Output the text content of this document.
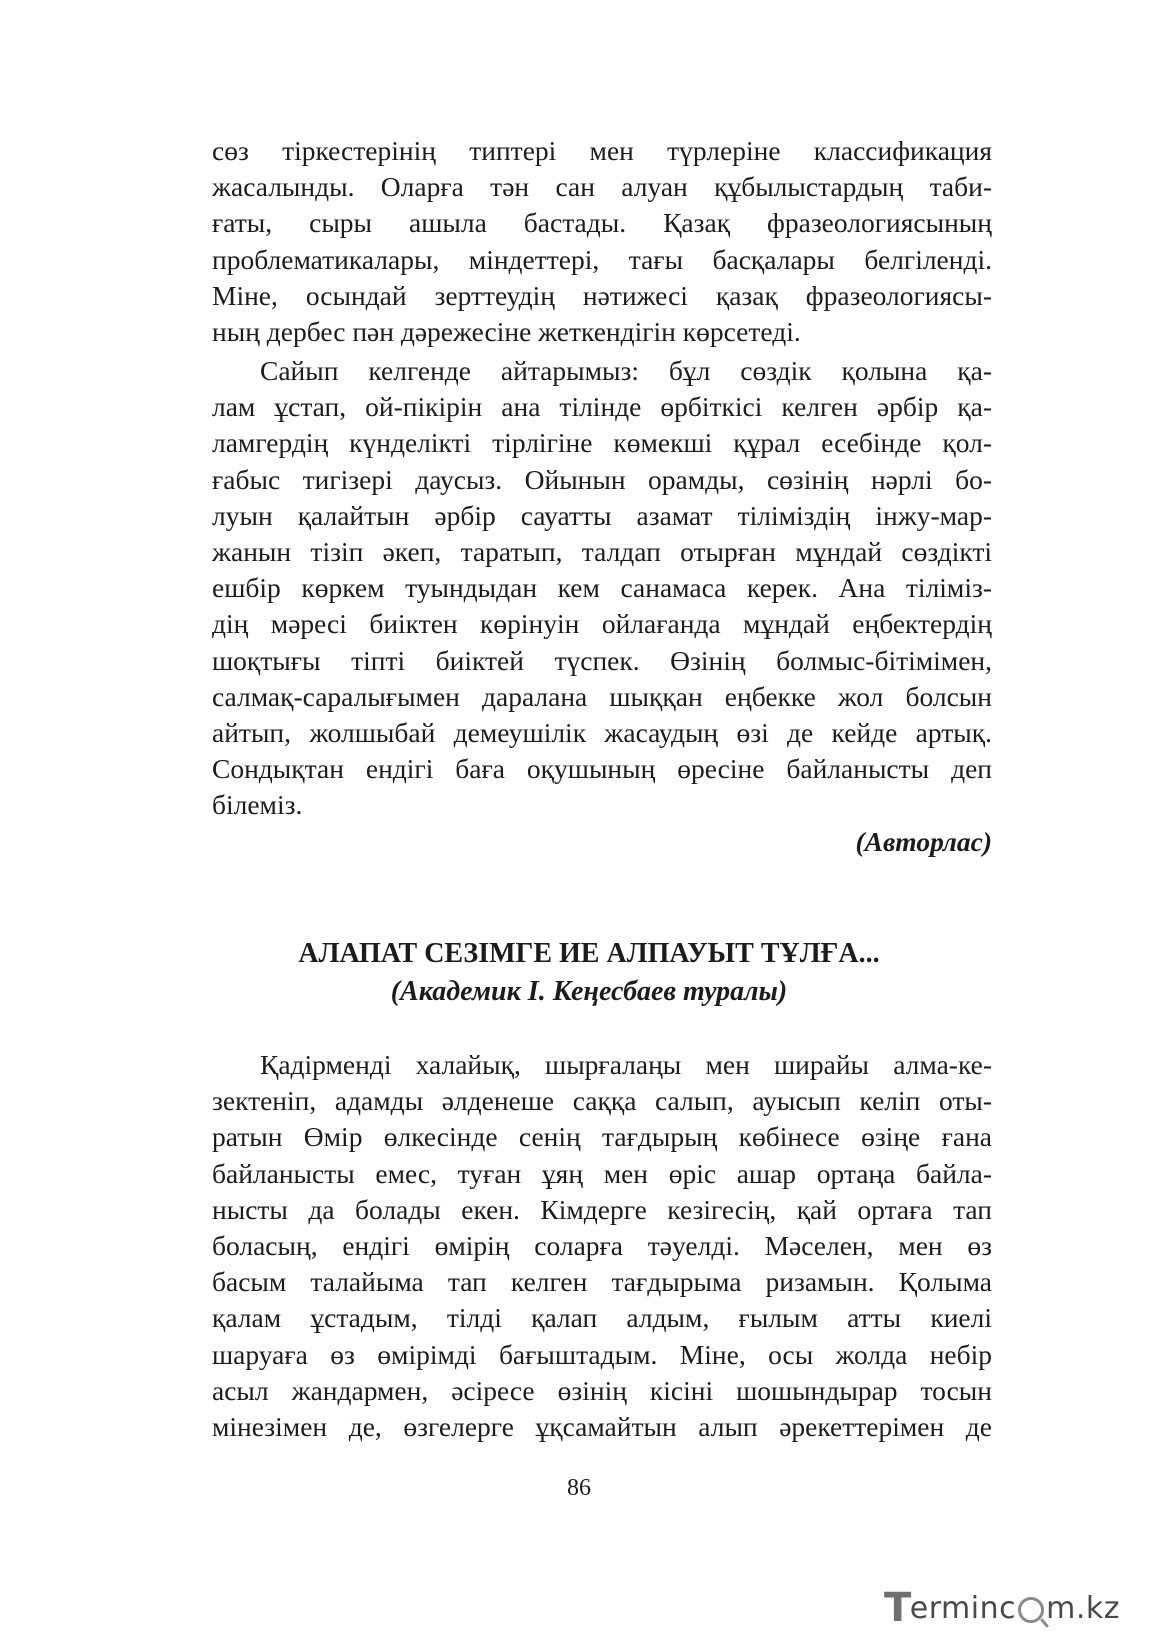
сөз тіркестерінің типтері мен түрлеріне классификация
жасалынды. Оларға тән сан алуан құбылыстардың таби-
ғаты, сыры ашыла бастады. Қазақ фразеологиясының
проблематикалары, міндеттері, тағы басқалары белгіленді.
Міне, осындай зерттеудің нәтижесі қазақ фразеологиясы-
ның дербес пән дәрежесіне жеткендігін көрсетеді.
Сайып келгенде айтарымыз: бұл сөздік қолына қа-
лам ұстап, ой-пікірін ана тілінде өрбіткісі келген әрбір қа-
ламгердің күнделікті тірлігіне көмекші құрал есебінде қол-
ғабыс тигізері даусыз. Ойынын орамды, сөзінің нәрлі бо-
луын қалайтын әрбір сауатты азамат тіліміздің інжу-мар-
жанын тізіп әкеп, таратып, талдап отырған мұндай сөздікті
ешбір көркем туындыдан кем санамаса керек. Ана тіліміз-
дің мәресі биіктен көрінуін ойлағанда мұндай еңбектердің
шоқтығы тіпті биіктей түспек. Өзінің болмыс-бітімімен,
салмақ-саралығымен даралана шыққан еңбекке жол болсын
айтып, жолшыбай демеушілік жасаудың өзі де кейде артық.
Сондықтан ендігі баға оқушының өресіне байланысты деп
білеміз.
(Авторлас)
АЛАПАТ СЕЗІМГЕ ИЕ АЛПАУЫТ ТҰЛҒА...
(Академик І. Кеңесбаев туралы)
Қадірменді халайық, шырғалаңы мен ширайы алма-ке-
зектеніп, адамды әлденеше саққа салып, ауысып келіп оты-
ратын Өмір өлкесінде сенің тағдырың көбінесе өзіңе ғана
байланысты емес, туған ұяң мен өріс ашар ортаңа байла-
нысты да болады екен. Кімдерге кезігесің, қай ортаға тап
боласың, ендігі өмірің соларға тәуелді. Мәселен, мен өз
басым талайыма тап келген тағдырыма ризамын. Қолыма
қалам ұстадым, тілді қалап алдым, ғылым атты киелі
шаруаға өз өмірімді бағыштадым. Міне, осы жолда небір
асыл жандармен, әсіресе өзінің кісіні шошындырар тосын
мінезімен де, өзгелерге ұқсамайтын алып әрекеттерімен де
86
T
erminc m.kz
